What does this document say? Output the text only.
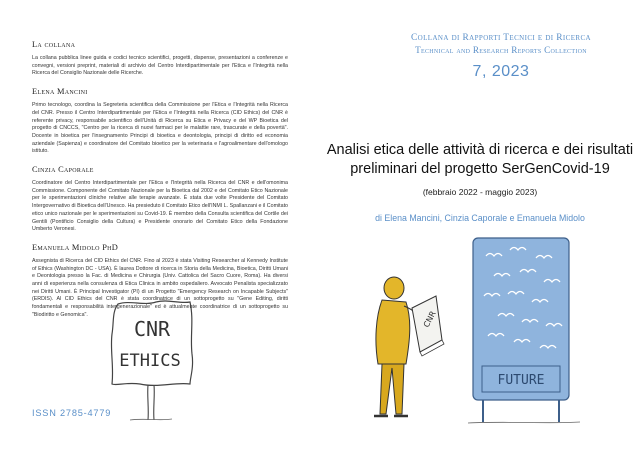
La collana
La collana pubblica linee guida e codici tecnico scientifici, progetti, dispense, presentazioni a conferenze e convegni, versioni preprint, materiali di archivio del Centro Interdipartimentale per l'Etica e l'Integrità nella Ricerca del Consiglio Nazionale delle Ricerche.
Elena Mancini
Primo tecnologo, coordina la Segreteria scientifica della Commissione per l'Etica e l'Integrità nella Ricerca del CNR. Presso il Centro Interdipartimentale per l'Etica e l'Integrità nella Ricerca (CID Ethics) del CNR è referente privacy, responsabile scientifico dell'Unità di Ricerca su Etica e Privacy e del WP Bioetica del progetto di CNCCS, "Centro per la ricerca di nuovi farmaci per le malattie rare, trascurate e della povertà". Docente in bioetica per l'insegnamento Principi di bioetica e deontologia, principi di diritto ed economia aziendale (Sapienza) e coordinatore del Comitato bioetico per la veterinaria e l'agroalimentare dell'omologo istituto.
Cinzia Caporale
Coordinatore del Centro Interdipartimentale per l'Etica e l'Integrità nella Ricerca del CNR e dell'omonima Commissione. Componente del Comitato Nazionale per la Bioetica dal 2002 e del Comitato Etico Nazionale per le sperimentazioni cliniche relative alle terapie avanzate. È stata due volte Presidente del Comitato Intergovernativo di Bioetica dell'Unesco. Ha presieduto il Comitato Etico dell'INMI L. Spallanzani e il Comitato etico unico nazionale per le sperimentazioni su Covid-19. È membro della Consulta scientifica del Cortile dei Gentili (Pontificio Consiglio della Cultura) e Presidente onorario del Comitato Etico della Fondazione Umberto Veronesi.
Emanuela Midolo PhD
Assegnista di Ricerca del CID Ethics del CNR. Fino al 2023 è stata Visiting Researcher al Kennedy Institute of Ethics (Washington DC - USA). È laurea Dottore di ricerca in Storia della Medicina, Bioetica, Diritti Umani e Deontologia presso la Fac. di Medicina e Chirurgia (Univ. Cattolica del Sacro Cuore, Roma). Ha diversi anni di esperienza nella consulenza di Etica Clinica in ambito ospedaliero. Avvocato Penalista specializzato nei Diritti Umani. È Principal Investigator (PI) di un Progetto "Emergency Research on Incapable Subjects" (ERDIS). Al CID Ethics del CNR è stata coordinatrice di un sottoprogetto su "Gene Editing, diritti fondamentali e responsabilità intergenerazionale" ed è attualmente coordinatrice di un sottoprogetto su "Biodiritto e Genomica".
CNR
ETHICS
ISSN 2785-4779
Collana di Rapporti Tecnici e di Ricerca
Technical and Research Reports Collection
7, 2023
Analisi etica delle attività di ricerca e dei risultati preliminari del progetto SerGenCovid-19
(febbraio 2022 - maggio 2023)
di Elena Mancini, Cinzia Caporale e Emanuela Midolo
FUTURE
CNR
